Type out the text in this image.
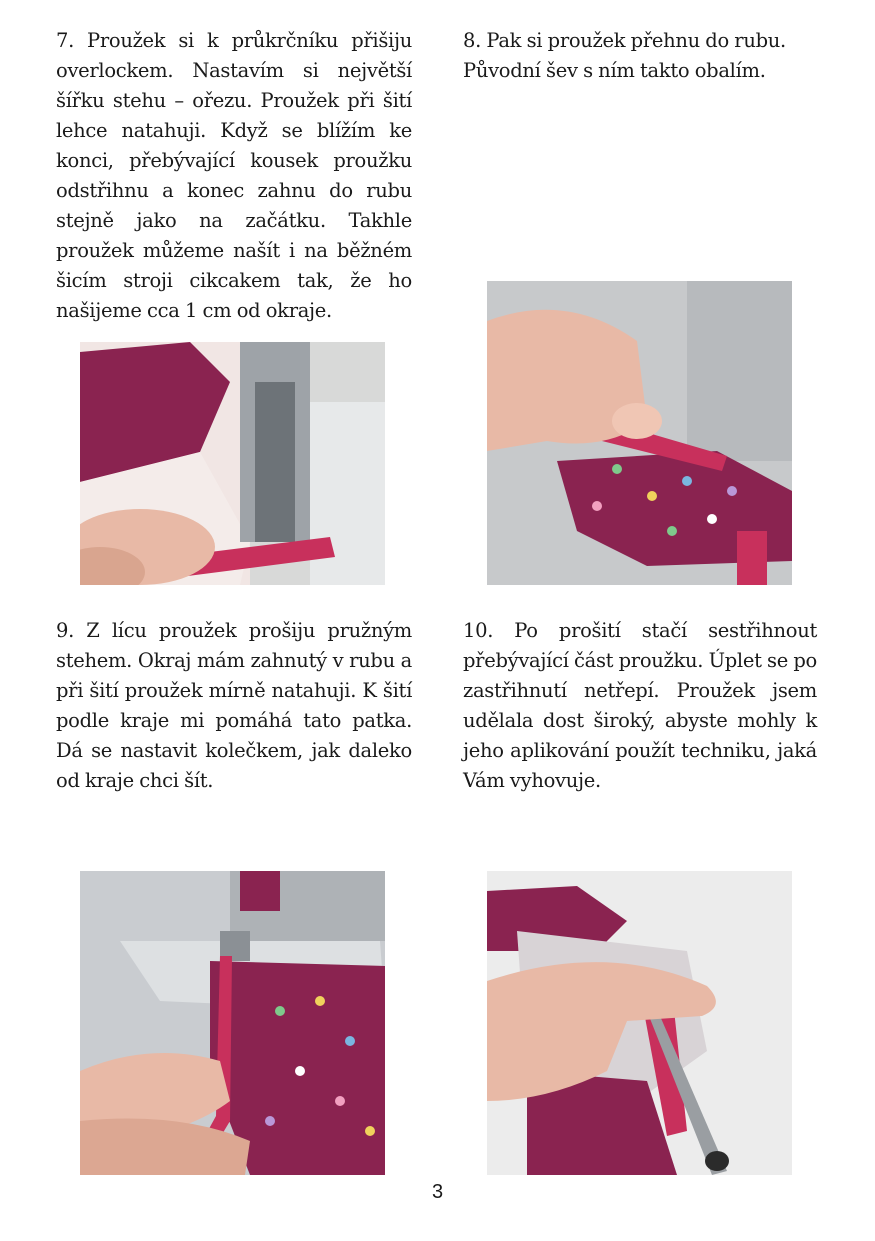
7. Proužek si k průkrčníku přišiju overlockem. Nastavím si největší šířku stehu – ořezu. Proužek při šití lehce natahuji. Když se blížím ke konci, přebývající kousek proužku odstřihnu a konec zahnu do rubu stejně jako na začátku. Takhle proužek můžeme našít i na běžném šicím stroji cikcakem tak, že ho našijeme cca 1 cm od okraje.

8. Pak si proužek přehnu do rubu. Původní šev s ním takto obalím.

9. Z lícu proužek prošiju pružným stehem. Okraj mám zahnutý v rubu a při šití proužek mírně natahuji. K šití podle kraje mi pomáhá tato patka. Dá se nastavit kolečkem, jak daleko od kraje chci šít.

10. Po prošití stačí sestřihnout přebývající část proužku. Úplet se po zastřihnutí netřepí. Proužek jsem udělala dost široký, abyste mohly k jeho aplikování použít techniku, jaká Vám vyhovuje.

3
